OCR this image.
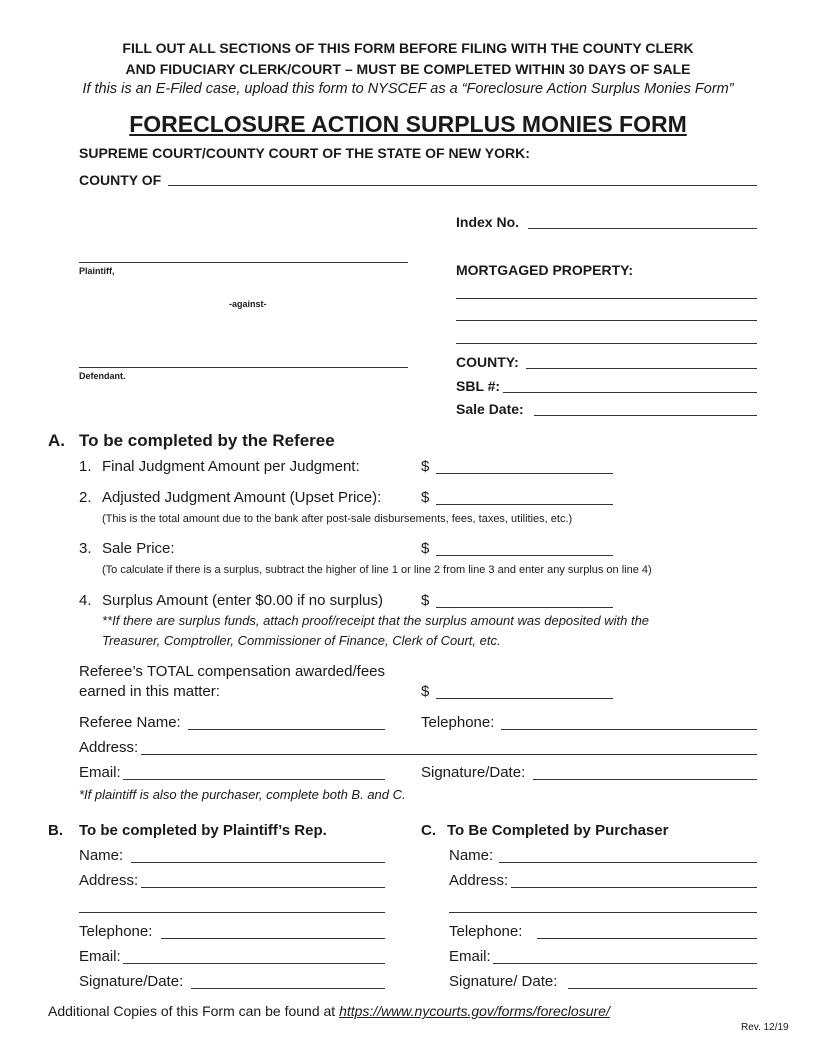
FILL OUT ALL SECTIONS OF THIS FORM BEFORE FILING WITH THE COUNTY CLERK
AND FIDUCIARY CLERK/COURT – MUST BE COMPLETED WITHIN 30 DAYS OF SALE
If this is an E-Filed case, upload this form to NYSCEF as a “Foreclosure Action Surplus Monies Form”
FORECLOSURE ACTION SURPLUS MONIES FORM
SUPREME COURT/COUNTY COURT OF THE STATE OF NEW YORK:
COUNTY OF
Index No.
Plaintiff,	MORTGAGED PROPERTY:
-against-
Defendant.
COUNTY:
SBL #:
Sale Date:
A. To be completed by the Referee
1. Final Judgment Amount per Judgment:	$
2. Adjusted Judgment Amount (Upset Price):	$
(This is the total amount due to the bank after post-sale disbursements, fees, taxes, utilities, etc.)
3. Sale Price:	$
(To calculate if there is a surplus, subtract the higher of line 1 or line 2 from line 3 and enter any surplus on line 4)
4. Surplus Amount (enter $0.00 if no surplus)	$
**If there are surplus funds, attach proof/receipt that the surplus amount was deposited with the
Treasurer, Comptroller, Commissioner of Finance, Clerk of Court, etc.
Referee’s TOTAL compensation awarded/fees
earned in this matter:	$
Referee Name:	Telephone:
Address:
Email:	Signature/Date:
*If plaintiff is also the purchaser, complete both B. and C.
B. To be completed by Plaintiff’s Rep.
Name:
Address:
Telephone:
Email:
Signature/Date:
C. To Be Completed by Purchaser
Name:
Address:
Telephone:
Email:
Signature/ Date:
Additional Copies of this Form can be found at https://www.nycourts.gov/forms/foreclosure/
Rev. 12/19
